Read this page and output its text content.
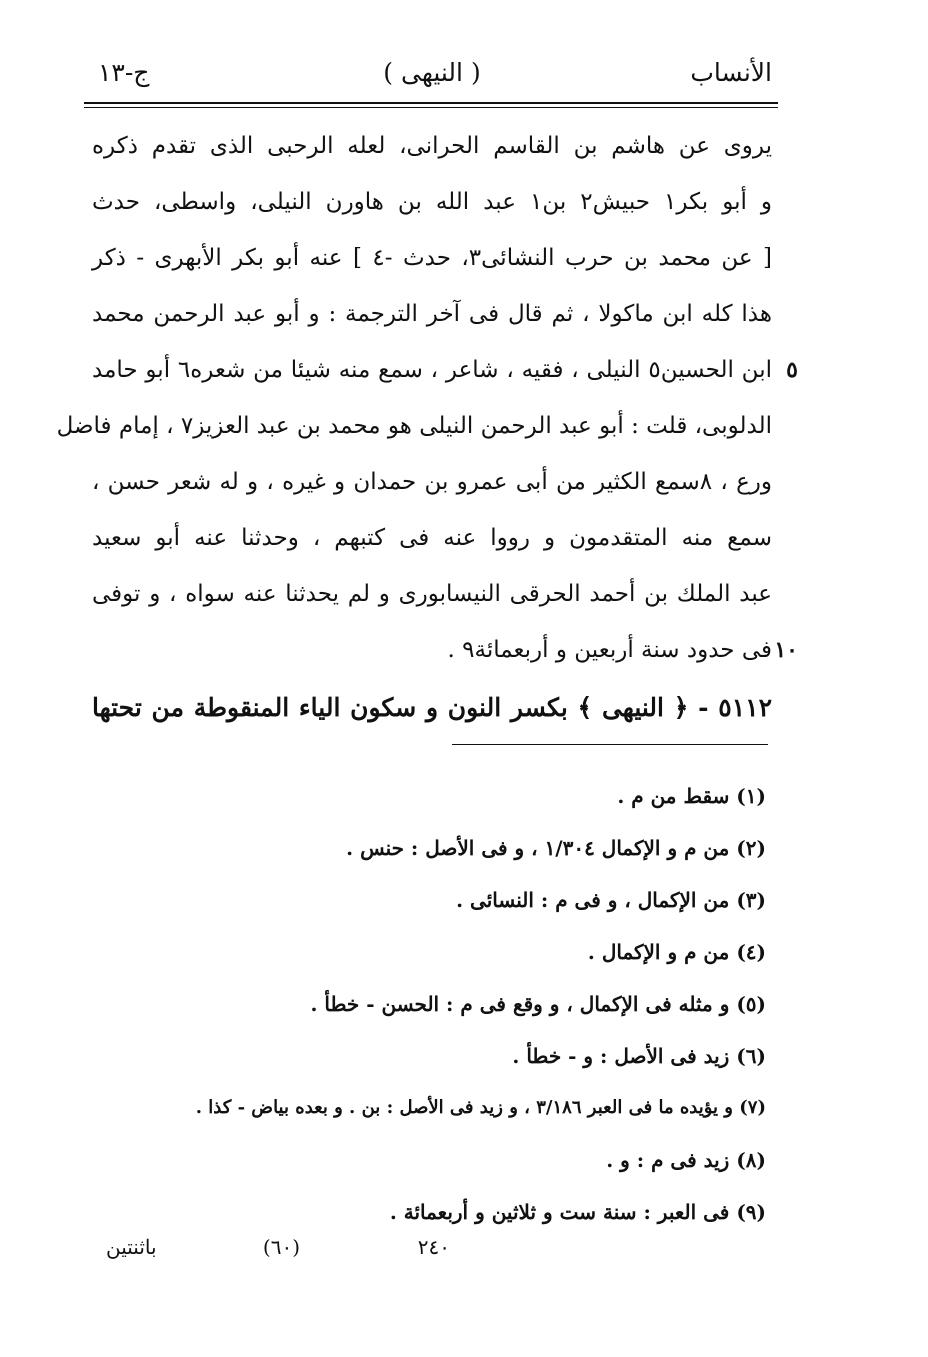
الأنساب
( النيهى )
ج-١٣
يروى عن هاشم بن القاسم الحرانى، لعله الرحبى الذى تقدم ذكره
و أبو بكر١ حبيش٢ بن١ عبد الله بن هاورن النيلى، واسطى، حدث
[ عن محمد بن حرب النشائى٣، حدث -٤ ] عنه أبو بكر الأبهرى - ذكر
هذا كله ابن ماكولا ، ثم قال فى آخر الترجمة : و أبو عبد الرحمن محمد
٥
ابن الحسين٥ النيلى ، فقيه ، شاعر ، سمع منه شيئا من شعره٦ أبو حامد
الدلوبى، قلت : أبو عبد الرحمن النيلى هو محمد بن عبد العزيز٧ ، إمام فاضل
ورع ، ٨سمع الكثير من أبى عمرو بن حمدان و غيره ، و له شعر حسن ،
سمع منه المتقدمون و رووا عنه فى كتبهم ، وحدثنا عنه أبو سعيد
عبد الملك بن أحمد الحرقى النيسابورى و لم يحدثنا عنه سواه ، و توفى
١٠
فى حدود سنة أربعين و أربعمائة٩ .
٥١١٢ - ﴿ النيهى ﴾ بكسر النون و سكون الياء المنقوطة من تحتها
(١) سقط من م .
(٢) من م و الإكمال ١/٣٠٤ ، و فى الأصل : حنس .
(٣) من الإكمال ، و فى م : النسائى .
(٤) من م و الإكمال .
(٥) و مثله فى الإكمال ، و وقع فى م : الحسن - خطأ .
(٦) زيد فى الأصل : و - خطأ .
(٧) و يؤيده ما فى العبر ٣/١٨٦ ، و زيد فى الأصل : بن . و بعده بياض - كذا .
(٨) زيد فى م : و .
(٩) فى العبر : سنة ست و ثلاثين و أربعمائة .
٢٤٠
(٦٠)
باثنتين
